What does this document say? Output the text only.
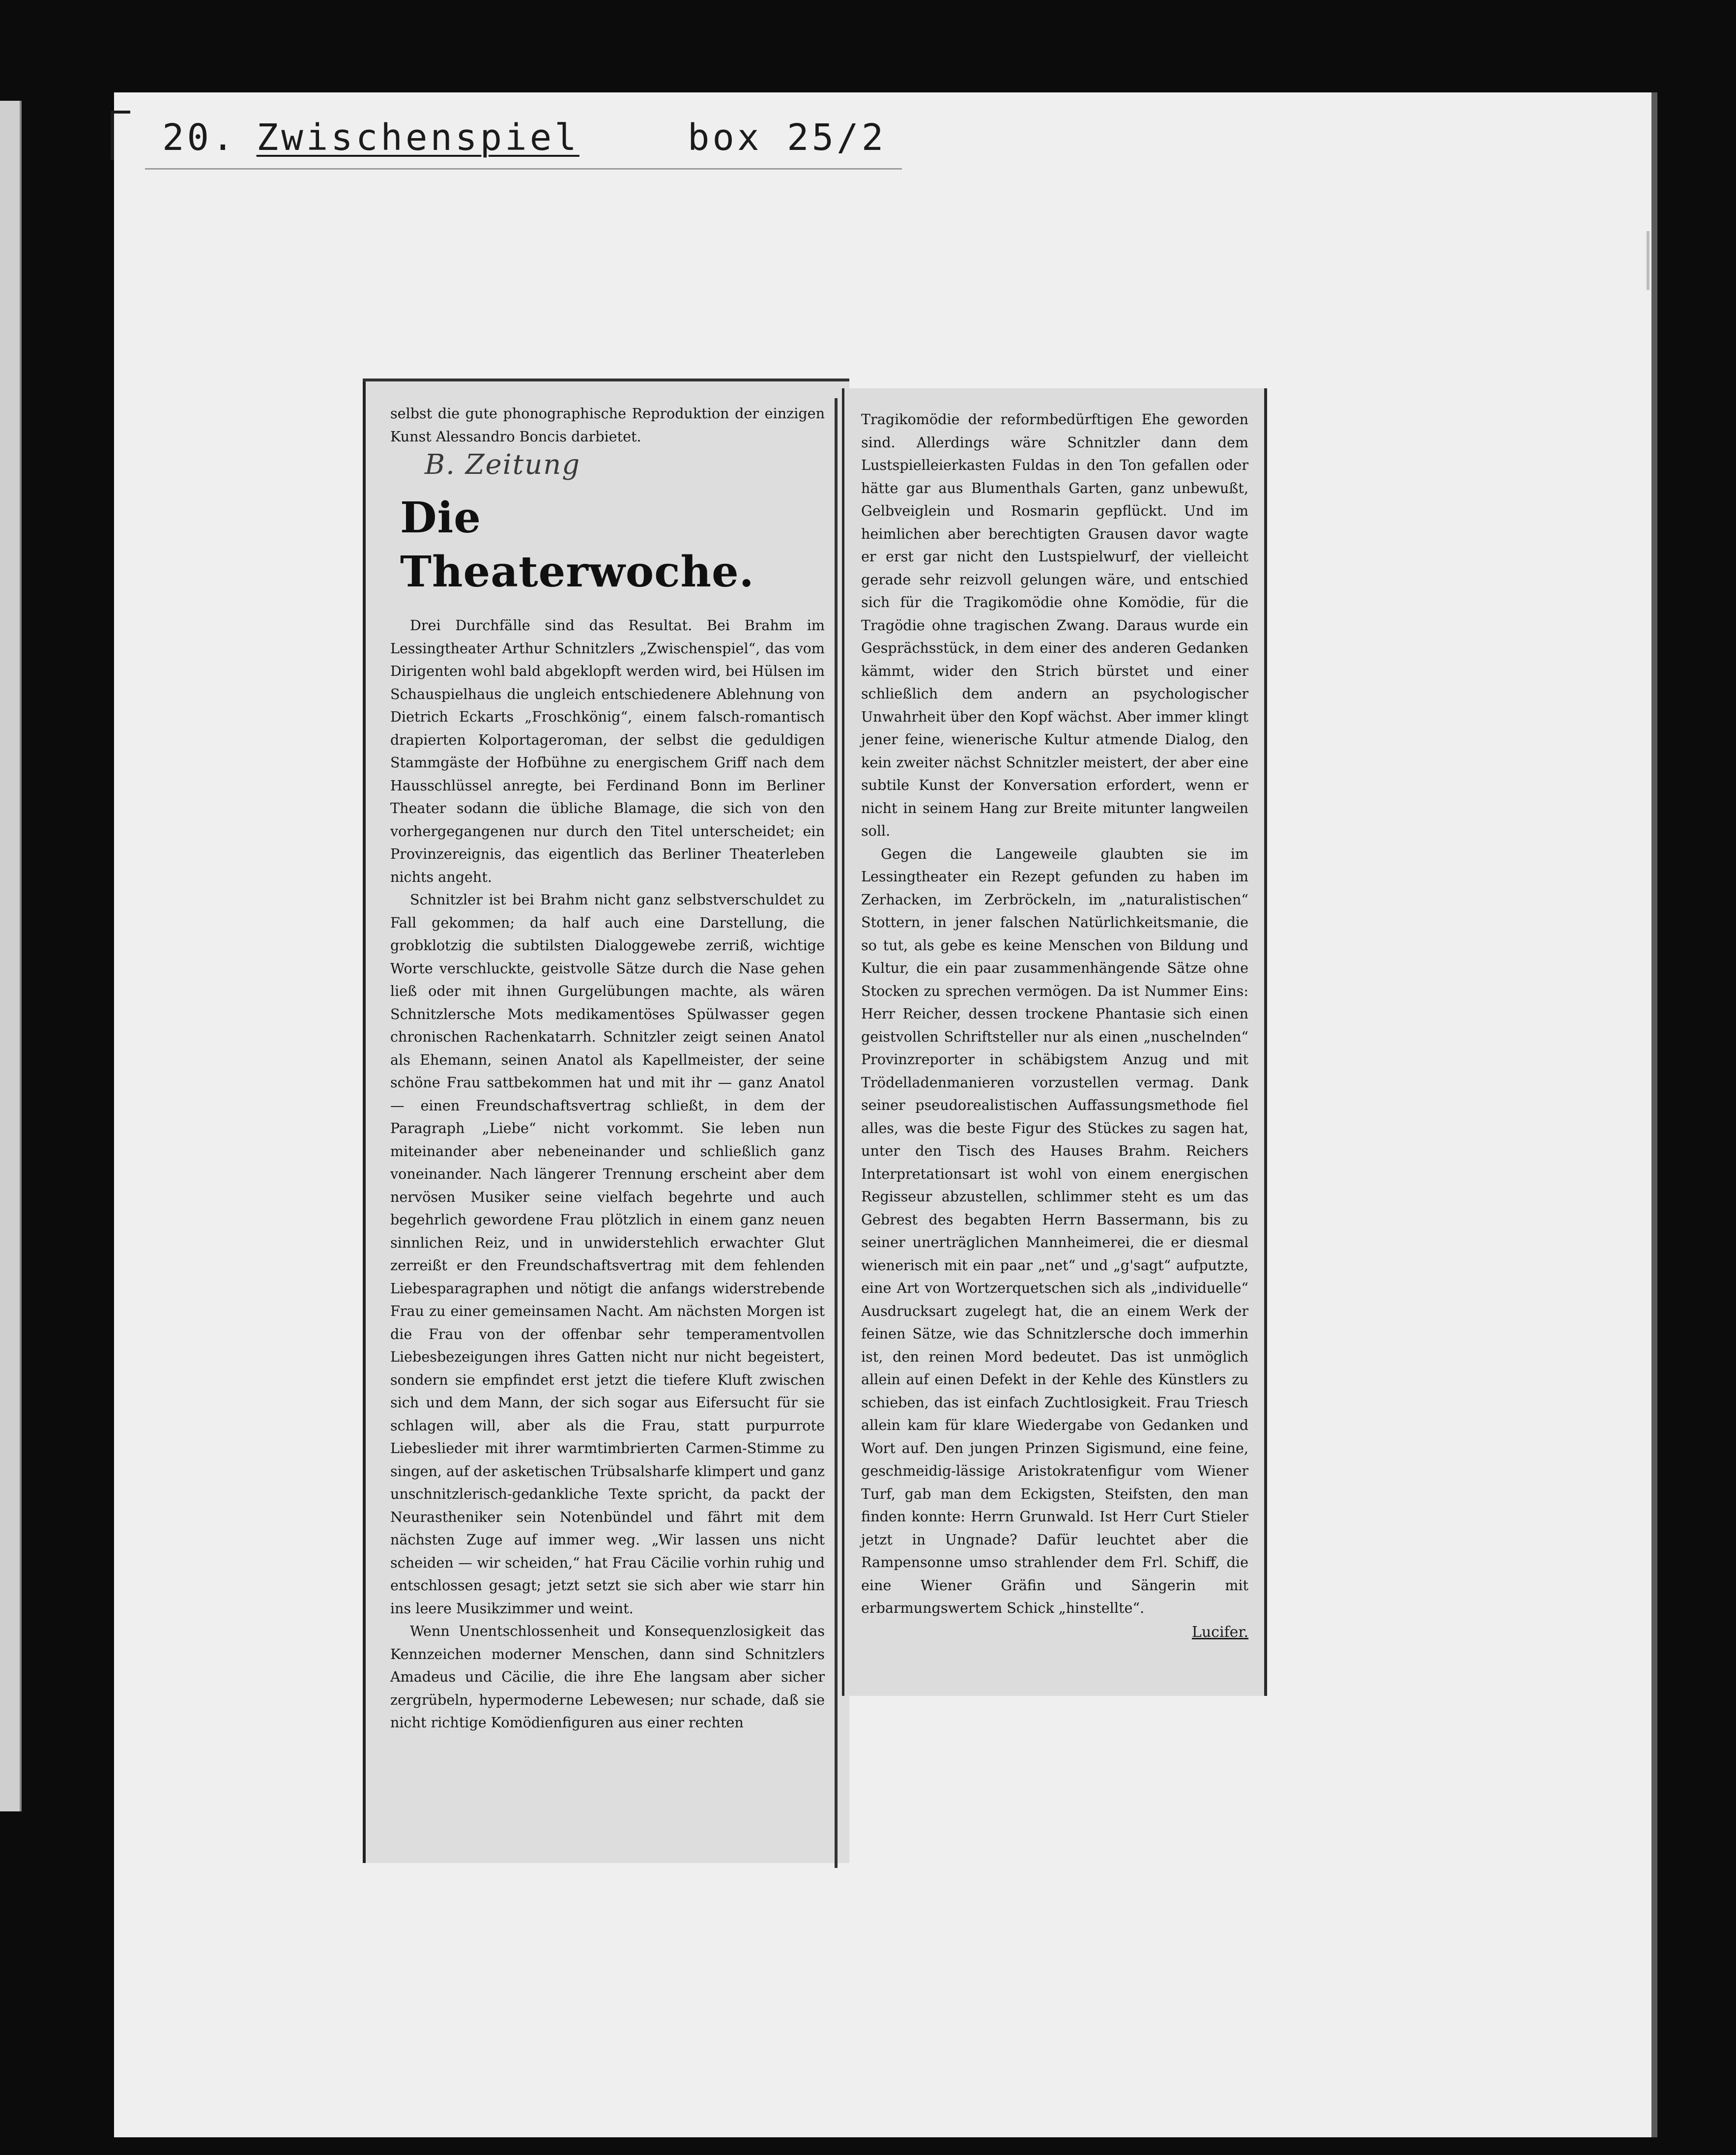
20. Zwischenspiel	box 25/2

selbst die gute phonographische Reproduktion der einzigen Kunst Alessandro Boncis darbietet.

B. Zeitung
Die Theaterwoche.

Drei Durchfälle sind das Resultat. Bei Brahm im Lessingtheater Arthur Schnitzlers „Zwischenspiel“, das vom Dirigenten wohl bald abgeklopft werden wird, bei Hülsen im Schauspielhaus die ungleich entschiedenere Ablehnung von Dietrich Eckarts „Froschkönig“, einem falsch-romantisch drapierten Kolportageroman, der selbst die geduldigen Stammgäste der Hofbühne zu energischem Griff nach dem Hausschlüssel anregte, bei Ferdinand Bonn im Berliner Theater sodann die übliche Blamage, die sich von den vorhergegangenen nur durch den Titel unterscheidet; ein Provinzereignis, das eigentlich das Berliner Theaterleben nichts angeht.

Schnitzler ist bei Brahm nicht ganz selbstverschuldet zu Fall gekommen; da half auch eine Darstellung, die grobklotzig die subtilsten Dialoggewebe zerriß, wichtige Worte verschluckte, geistvolle Sätze durch die Nase gehen ließ oder mit ihnen Gurgelübungen machte, als wären Schnitzlersche Mots medikamentöses Spülwasser gegen chronischen Rachenkatarrh. Schnitzler zeigt seinen Anatol als Ehemann, seinen Anatol als Kapellmeister, der seine schöne Frau sattbekommen hat und mit ihr — ganz Anatol — einen Freundschaftsvertrag schließt, in dem der Paragraph „Liebe“ nicht vorkommt. Sie leben nun miteinander aber nebeneinander und schließlich ganz voneinander. Nach längerer Trennung erscheint aber dem nervösen Musiker seine vielfach begehrte und auch begehrlich gewordene Frau plötzlich in einem ganz neuen sinnlichen Reiz, und in unwiderstehlich erwachter Glut zerreißt er den Freundschaftsvertrag mit dem fehlenden Liebesparagraphen und nötigt die anfangs widerstrebende Frau zu einer gemeinsamen Nacht. Am nächsten Morgen ist die Frau von der offenbar sehr temperamentvollen Liebesbezeigungen ihres Gatten nicht nur nicht begeistert, sondern sie empfindet erst jetzt die tiefere Kluft zwischen sich und dem Mann, der sich sogar aus Eifersucht für sie schlagen will, aber als die Frau, statt purpurrote Liebeslieder mit ihrer warmtimbrierten Carmen-Stimme zu singen, auf der asketischen Trübsalsharfe klimpert und ganz unschnitzlerisch-gedankliche Texte spricht, da packt der Neurastheniker sein Notenbündel und fährt mit dem nächsten Zuge auf immer weg. „Wir lassen uns nicht scheiden — wir scheiden,“ hat Frau Cäcilie vorhin ruhig und entschlossen gesagt; jetzt setzt sie sich aber wie starr hin ins leere Musikzimmer und weint.

Wenn Unentschlossenheit und Konsequenzlosigkeit das Kennzeichen moderner Menschen, dann sind Schnitzlers Amadeus und Cäcilie, die ihre Ehe langsam aber sicher zergrübeln, hypermoderne Lebewesen; nur schade, daß sie nicht richtige Komödienfiguren aus einer rechten

Tragikomödie der reformbedürftigen Ehe geworden sind. Allerdings wäre Schnitzler dann dem Lustspielleierkasten Fuldas in den Ton gefallen oder hätte gar aus Blumenthals Garten, ganz unbewußt, Gelbveiglein und Rosmarin gepflückt. Und im heimlichen aber berechtigten Grausen davor wagte er erst gar nicht den Lustspielwurf, der vielleicht gerade sehr reizvoll gelungen wäre, und entschied sich für die Tragikomödie ohne Komödie, für die Tragödie ohne tragischen Zwang. Daraus wurde ein Gesprächsstück, in dem einer des anderen Gedanken kämmt, wider den Strich bürstet und einer schließlich dem andern an psychologischer Unwahrheit über den Kopf wächst. Aber immer klingt jener feine, wienerische Kultur atmende Dialog, den kein zweiter nächst Schnitzler meistert, der aber eine subtile Kunst der Konversation erfordert, wenn er nicht in seinem Hang zur Breite mitunter langweilen soll.

Gegen die Langeweile glaubten sie im Lessingtheater ein Rezept gefunden zu haben im Zerhacken, im Zerbröckeln, im „naturalistischen“ Stottern, in jener falschen Natürlichkeitsmanie, die so tut, als gebe es keine Menschen von Bildung und Kultur, die ein paar zusammenhängende Sätze ohne Stocken zu sprechen vermögen. Da ist Nummer Eins: Herr Reicher, dessen trockene Phantasie sich einen geistvollen Schriftsteller nur als einen „nuschelnden“ Provinzreporter in schäbigstem Anzug und mit Trödelladenmanieren vorzustellen vermag. Dank seiner pseudorealistischen Auffassungsmethode fiel alles, was die beste Figur des Stückes zu sagen hat, unter den Tisch des Hauses Brahm. Reichers Interpretationsart ist wohl von einem energischen Regisseur abzustellen, schlimmer steht es um das Gebrest des begabten Herrn Bassermann, bis zu seiner unerträglichen Mannheimerei, die er diesmal wienerisch mit ein paar „net“ und „g'sagt“ aufputzte, eine Art von Wortzerquetschen sich als „individuelle“ Ausdrucksart zugelegt hat, die an einem Werk der feinen Sätze, wie das Schnitzlersche doch immerhin ist, den reinen Mord bedeutet. Das ist unmöglich allein auf einen Defekt in der Kehle des Künstlers zu schieben, das ist einfach Zuchtlosigkeit. Frau Triesch allein kam für klare Wiedergabe von Gedanken und Wort auf. Den jungen Prinzen Sigismund, eine feine, geschmeidig-lässige Aristokratenfigur vom Wiener Turf, gab man dem Eckigsten, Steifsten, den man finden konnte: Herrn Grunwald. Ist Herr Curt Stieler jetzt in Ungnade? Dafür leuchtet aber die Rampensonne umso strahlender dem Frl. Schiff, die eine Wiener Gräfin und Sängerin mit erbarmungswertem Schick „hinstellte“.

Lucifer.
